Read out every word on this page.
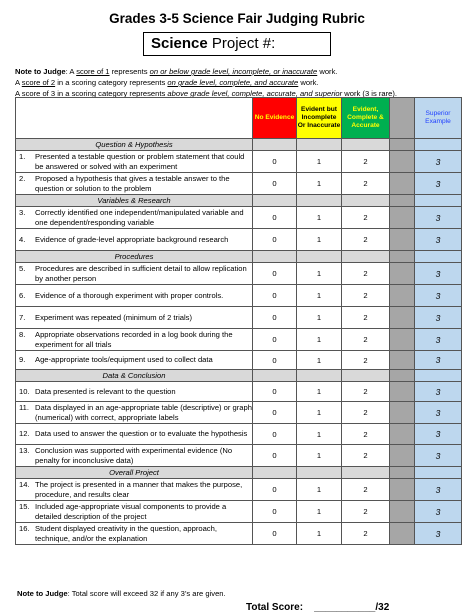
Grades 3-5 Science Fair Judging Rubric
Science Project #:
Note to Judge: A score of 1 represents on or below grade level, incomplete, or inaccurate work.
A score of 2 in a scoring category represents on grade level, complete, and accurate work.
A score of 3 in a scoring category represents above grade level, complete, accurate, and superior work (3 is rare).
	No Evidence	Evident but Incomplete Or Inaccurate	Evident, Complete & Accurate		Superior Example
Question & Hypothesis					

1. Presented a testable question or problem statement that could be answered or solved with an experiment	0	1	2		3

2. Proposed a hypothesis that gives a testable answer to the question or solution to the problem	0	1	2		3
Variables & Research					

3. Correctly identified one independent/manipulated variable and one dependent/responding variable	0	1	2		3

4. Evidence of grade-level appropriate background research	0	1	2		3
Procedures					

5. Procedures are described in sufficient detail to allow replication by another person	0	1	2		3

6. Evidence of a thorough experiment with proper controls.	0	1	2		3

7. Experiment was repeated (minimum of 2 trials)	0	1	2		3

8. Appropriate observations recorded in a log book during the experiment for all trials	0	1	2		3

9. Age-appropriate tools/equipment used to collect data	0	1	2		3
Data & Conclusion					

10. Data presented is relevant to the question	0	1	2		3

11. Data displayed in an age-appropriate table (descriptive) or graph (numerical) with correct, appropriate labels	0	1	2		3

12. Data used to answer the question or to evaluate the hypothesis	0	1	2		3

13. Conclusion was supported with experimental evidence (No penalty for inconclusive data)	0	1	2		3
Overall Project					

14. The project is presented in a manner that makes the purpose, procedure, and results clear	0	1	2		3

15. Included age-appropriate visual components to provide a detailed description of the project	0	1	2		3

16. Student displayed creativity in the question, approach, technique, and/or the explanation	0	1	2		3
Note to Judge: Total score will exceed 32 if any 3’s are given.
Total Score: ___________/32
